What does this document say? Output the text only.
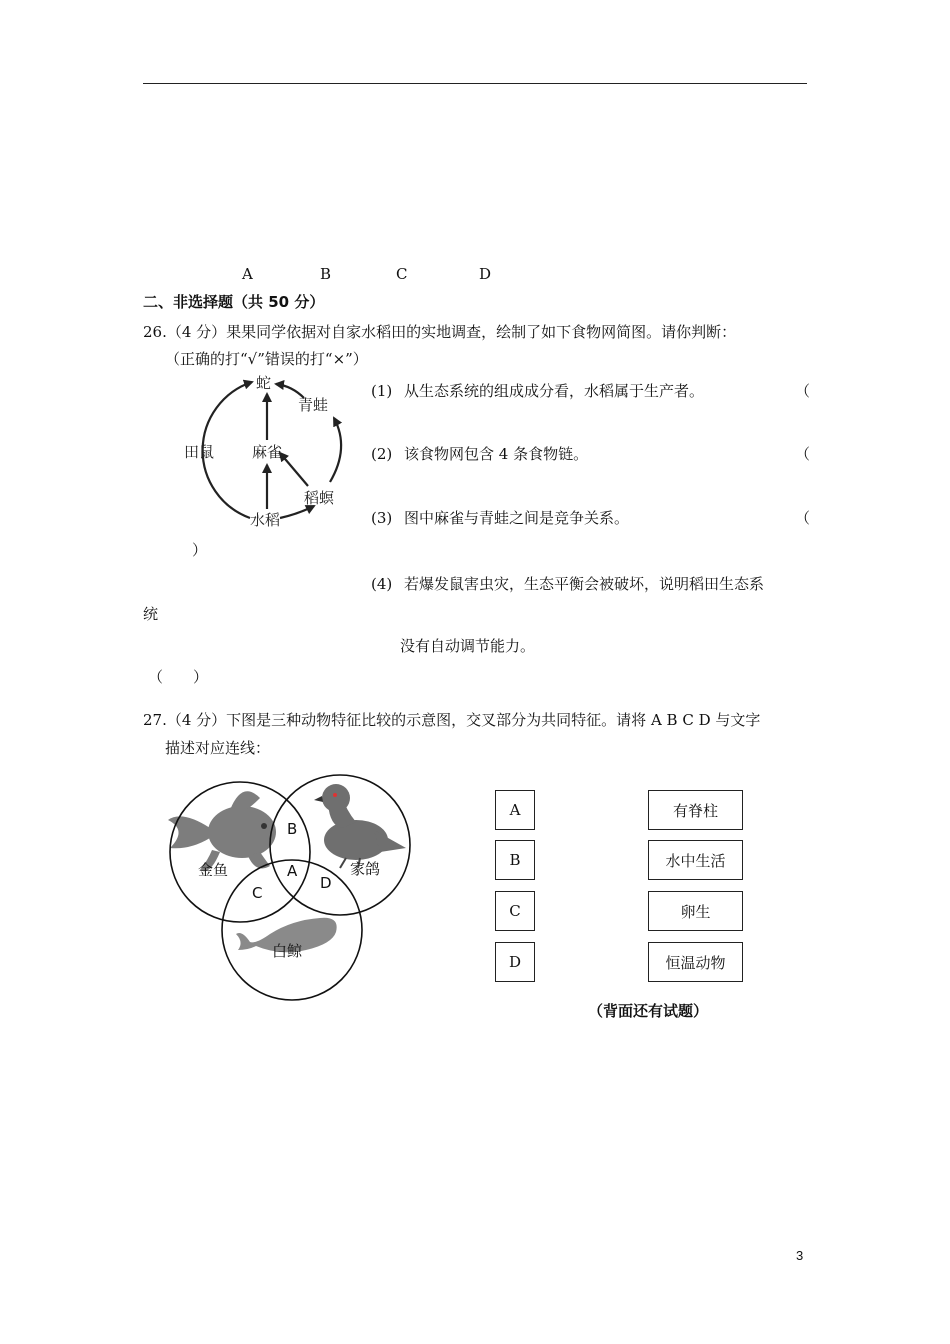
A	B	C	D
二、非选择题（共 50 分）
26.（4 分）果果同学依据对自家水稻田的实地调查，绘制了如下食物网简图。请你判断：
（正确的打“√”错误的打“×”）
蛇
青蛙
田鼠	麻雀
稻螟
水稻
(1) 从生态系统的组成成分看，水稻属于生产者。	（
(2) 该食物网包含 4 条食物链。	（
(3) 图中麻雀与青蛙之间是竞争关系。	（
）
(4) 若爆发鼠害虫灾，生态平衡会被破坏，说明稻田生态系
统
没有自动调节能力。
（　　）
27.（4 分）下图是三种动物特征比较的示意图，交叉部分为共同特征。请将 A B C D 与文字
描述对应连线：
金鱼	家鸽
白鲸
B
A
C
D
A
B
C
D
有脊柱
水中生活
卵生
恒温动物
（背面还有试题）
3
